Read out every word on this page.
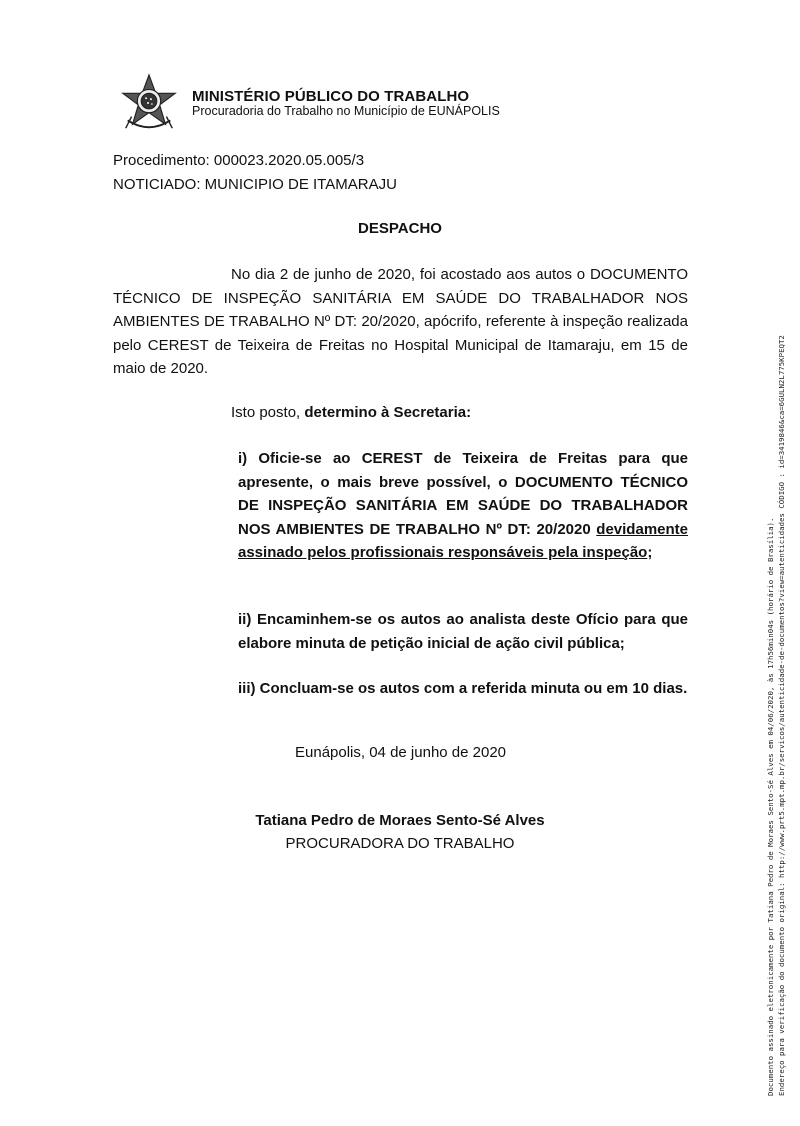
MINISTÉRIO PÚBLICO DO TRABALHO
Procuradoria do Trabalho no Município de EUNÁPOLIS
Procedimento: 000023.2020.05.005/3
NOTICIADO: MUNICIPIO DE ITAMARAJU
DESPACHO

No dia 2 de junho de 2020, foi acostado aos autos o DOCUMENTO TÉCNICO DE INSPEÇÃO SANITÁRIA EM SAÚDE DO TRABALHADOR NOS AMBIENTES DE TRABALHO Nº DT: 20/2020, apócrifo, referente à inspeção realizada pelo CEREST de Teixeira de Freitas no Hospital Municipal de Itamaraju, em 15 de maio de 2020.

Isto posto, determino à Secretaria:

i) Oficie-se ao CEREST de Teixeira de Freitas para que apresente, o mais breve possível, o DOCUMENTO TÉCNICO DE INSPEÇÃO SANITÁRIA EM SAÚDE DO TRABALHADOR NOS AMBIENTES DE TRABALHO Nº DT: 20/2020 devidamente assinado pelos profissionais responsáveis pela inspeção;

ii) Encaminhem-se os autos ao analista deste Ofício para que elabore minuta de petição inicial de ação civil pública;

iii) Concluam-se os autos com a referida minuta ou em 10 dias.

Eunápolis, 04 de junho de 2020
Tatiana Pedro de Moraes Sento-Sé Alves
PROCURADORA DO TRABALHO	Documento assinado eletronicamente por Tatiana Pedro de Moraes Sento-Sé Alves em 04/06/2020, às 17h56min04s (horário de Brasília). Endereço para verificação do documento original: http://www.prt5.mpt.mp.br/servicos/autenticidade-de-documentos?view=autenticidades CÓDIGO : id=3419846&ca=6GULN2L775KPEQT2
